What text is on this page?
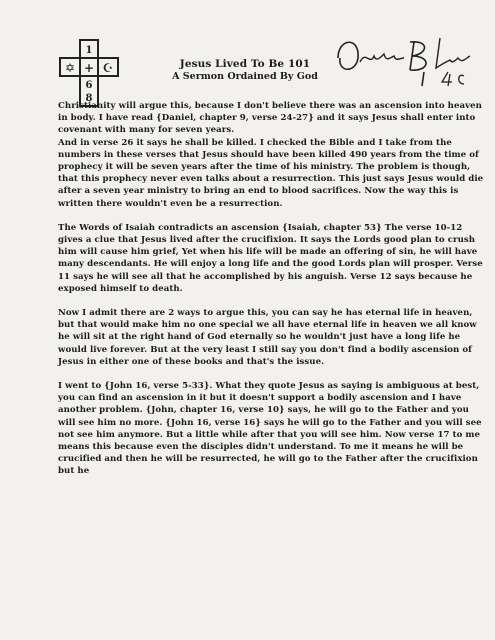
1
✡ + ☪
6
8
Jesus Lived To Be 101
A Sermon Ordained By God

Christianity will argue this, because I don't believe there was an ascension into heaven in body. I have read {Daniel, chapter 9, verse 24-27} and it says Jesus shall enter into covenant with many for seven years.

And in verse 26 it says he shall be killed. I checked the Bible and I take from the numbers in these verses that Jesus should have been killed 490 years from the time of prophecy it will be seven years after the time of his ministry. The problem is though, that this prophecy never even talks about a resurrection. This just says Jesus would die after a seven year ministry to bring an end to blood sacrifices. Now the way this is written there wouldn't even be a resurrection.

The Words of Isaiah contradicts an ascension {Isaiah, chapter 53} The verse 10-12 gives a clue that Jesus lived after the crucifixion. It says the Lords good plan to crush him will cause him grief, Yet when his life will be made an offering of sin, he will have many descendants. He will enjoy a long life and the good Lords plan will prosper. Verse 11 says he will see all that he accomplished by his anguish. Verse 12 says because he exposed himself to death.

Now I admit there are 2 ways to argue this, you can say he has eternal life in heaven, but that would make him no one special we all have eternal life in heaven we all know he will sit at the right hand of God eternally so he wouldn't just have a long life he would live forever. But at the very least I still say you don't find a bodily ascension of Jesus in either one of these books and that's the issue.

I went to {John 16, verse 5-33}. What they quote Jesus as saying is ambiguous at best, you can find an ascension in it but it doesn't support a bodily ascension and I have another problem. {John, chapter 16, verse 10} says, he will go to the Father and you will see him no more. {John 16, verse 16} says he will go to the Father and you will see not see him anymore. But a little while after that you will see him. Now verse 17 to me means this because even the disciples didn't understand. To me it means he will be crucified and then he will be resurrected, he will go to the Father after the crucifixion but he
